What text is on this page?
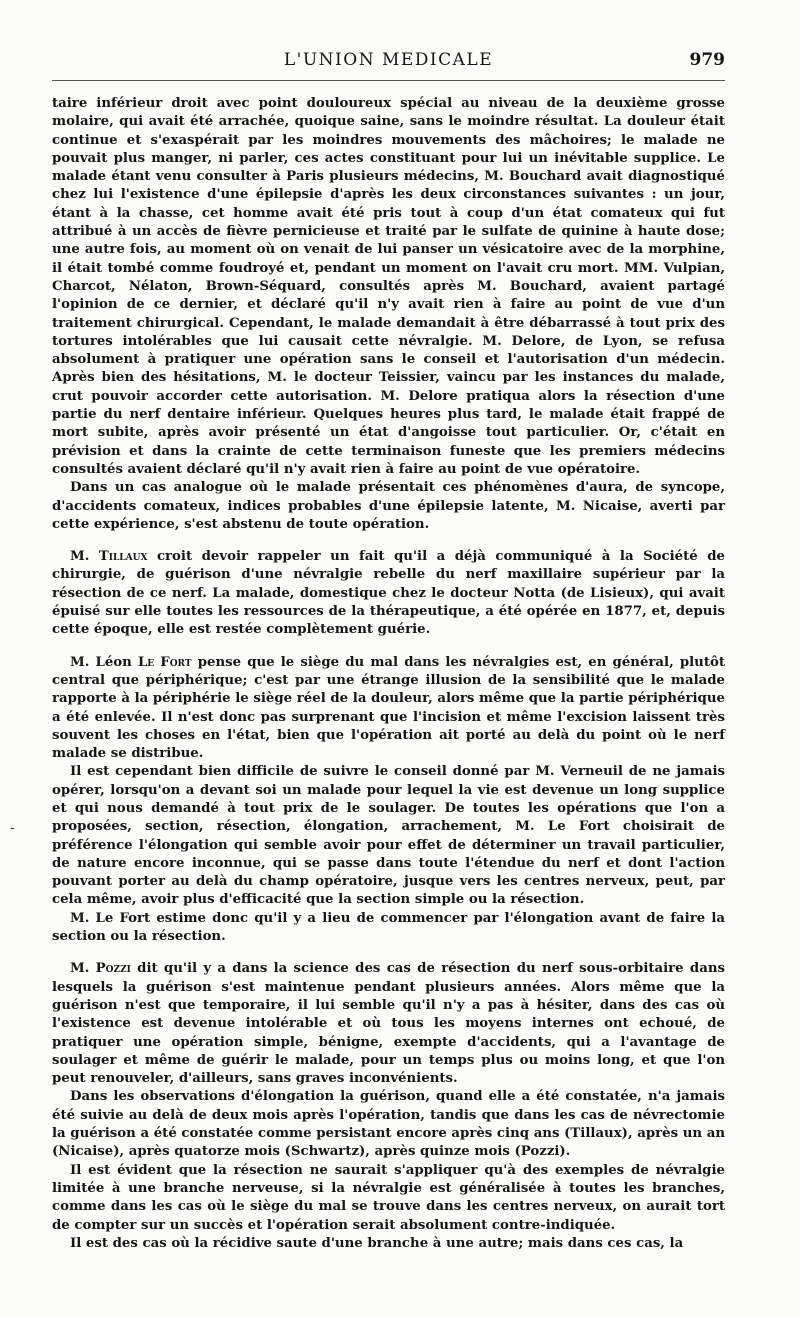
L'UNION MEDICALE	979
-

taire inférieur droit avec point douloureux spécial au niveau de la deuxième grosse molaire, qui avait été arrachée, quoique saine, sans le moindre résultat. La douleur était continue et s'exaspérait par les moindres mouvements des mâchoires; le malade ne pouvait plus manger, ni parler, ces actes constituant pour lui un inévitable supplice. Le malade étant venu consulter à Paris plusieurs médecins, M. Bouchard avait diagnostiqué chez lui l'existence d'une épilepsie d'après les deux circonstances suivantes : un jour, étant à la chasse, cet homme avait été pris tout à coup d'un état comateux qui fut attribué à un accès de fièvre pernicieuse et traité par le sulfate de quinine à haute dose; une autre fois, au moment où on venait de lui panser un vésicatoire avec de la morphine, il était tombé comme foudroyé et, pendant un moment on l'avait cru mort. MM. Vulpian, Charcot, Nélaton, Brown-Séquard, consultés après M. Bouchard, avaient partagé l'opinion de ce dernier, et déclaré qu'il n'y avait rien à faire au point de vue d'un traitement chirurgical. Cependant, le malade demandait à être débarrassé à tout prix des tortures intolérables que lui causait cette névralgie. M. Delore, de Lyon, se refusa absolument à pratiquer une opération sans le conseil et l'autorisation d'un médecin. Après bien des hésitations, M. le docteur Teissier, vaincu par les instances du malade, crut pouvoir accorder cette autorisation. M. Delore pratiqua alors la résection d'une partie du nerf dentaire inférieur. Quelques heures plus tard, le malade était frappé de mort subite, après avoir présenté un état d'angoisse tout particulier. Or, c'était en prévision et dans la crainte de cette terminaison funeste que les premiers médecins consultés avaient déclaré qu'il n'y avait rien à faire au point de vue opératoire.

Dans un cas analogue où le malade présentait ces phénomènes d'aura, de syncope, d'accidents comateux, indices probables d'une épilepsie latente, M. Nicaise, averti par cette expérience, s'est abstenu de toute opération.

M. Tillaux croit devoir rappeler un fait qu'il a déjà communiqué à la Société de chirurgie, de guérison d'une névralgie rebelle du nerf maxillaire supérieur par la résection de ce nerf. La malade, domestique chez le docteur Notta (de Lisieux), qui avait épuisé sur elle toutes les ressources de la thérapeutique, a été opérée en 1877, et, depuis cette époque, elle est restée complètement guérie.

M. Léon Le Fort pense que le siège du mal dans les névralgies est, en général, plutôt central que périphérique; c'est par une étrange illusion de la sensibilité que le malade rapporte à la périphérie le siège réel de la douleur, alors même que la partie périphérique a été enlevée. Il n'est donc pas surprenant que l'incision et même l'excision laissent très souvent les choses en l'état, bien que l'opération ait porté au delà du point où le nerf malade se distribue.

Il est cependant bien difficile de suivre le conseil donné par M. Verneuil de ne jamais opérer, lorsqu'on a devant soi un malade pour lequel la vie est devenue un long supplice et qui nous demandé à tout prix de le soulager. De toutes les opérations que l'on a proposées, section, résection, élongation, arrachement, M. Le Fort choisirait de préférence l'élongation qui semble avoir pour effet de déterminer un travail particulier, de nature encore inconnue, qui se passe dans toute l'étendue du nerf et dont l'action pouvant porter au delà du champ opératoire, jusque vers les centres nerveux, peut, par cela même, avoir plus d'efficacité que la section simple ou la résection.

M. Le Fort estime donc qu'il y a lieu de commencer par l'élongation avant de faire la section ou la résection.

M. Pozzi dit qu'il y a dans la science des cas de résection du nerf sous-orbitaire dans lesquels la guérison s'est maintenue pendant plusieurs années. Alors même que la guérison n'est que temporaire, il lui semble qu'il n'y a pas à hésiter, dans des cas où l'existence est devenue intolérable et où tous les moyens internes ont echoué, de pratiquer une opération simple, bénigne, exempte d'accidents, qui a l'avantage de soulager et même de guérir le malade, pour un temps plus ou moins long, et que l'on peut renouveler, d'ailleurs, sans graves inconvénients.

Dans les observations d'élongation la guérison, quand elle a été constatée, n'a jamais été suivie au delà de deux mois après l'opération, tandis que dans les cas de névrectomie la guérison a été constatée comme persistant encore après cinq ans (Tillaux), après un an (Nicaise), après quatorze mois (Schwartz), après quinze mois (Pozzi).

Il est évident que la résection ne saurait s'appliquer qu'à des exemples de névralgie limitée à une branche nerveuse, si la névralgie est généralisée à toutes les branches, comme dans les cas où le siège du mal se trouve dans les centres nerveux, on aurait tort de compter sur un succès et l'opération serait absolument contre-indiquée.

Il est des cas où la récidive saute d'une branche à une autre; mais dans ces cas, la
